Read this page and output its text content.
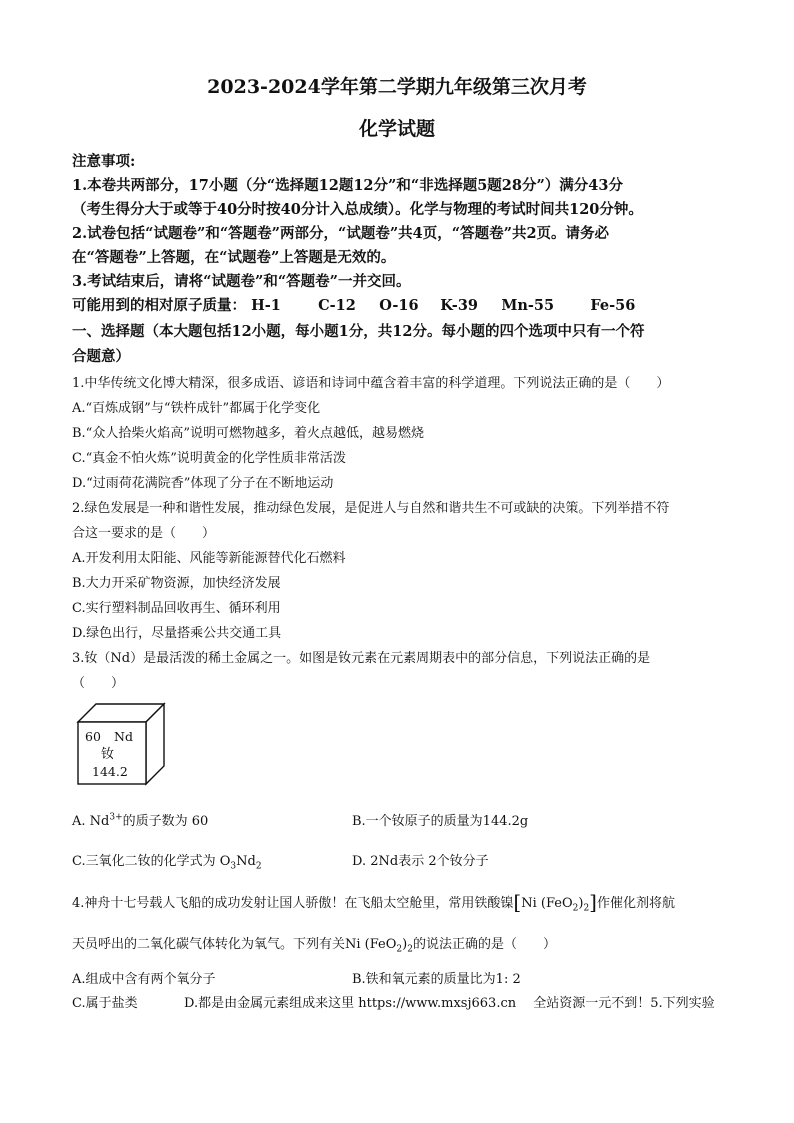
2023-2024学年第二学期九年级第三次月考
化学试题
注意事项:
1.本卷共两部分，17小题（分“选择题12题12分”和“非选择题5题28分”）满分43分
（考生得分大于或等于40分时按40分计入总成绩）。化学与物理的考试时间共120分钟。
2.试卷包括“试题卷”和“答题卷”两部分，“试题卷”共4页，“答题卷”共2页。请务必
在“答题卷”上答题，在“试题卷”上答题是无效的。
3.考试结束后，请将“试题卷”和“答题卷”一并交回。
可能用到的相对原子质量： H-1	C-12 O-16 K-39 Mn-55	Fe-56
一、选择题（本大题包括12小题，每小题1分，共12分。每小题的四个选项中只有一个符
合题意）
1.中华传统文化博大精深，很多成语、谚语和诗词中蕴含着丰富的科学道理。下列说法正确的是（　　）
A.“百炼成钢”与“铁杵成针”都属于化学变化
B.“众人拾柴火焰高”说明可燃物越多，着火点越低，越易燃烧
C.“真金不怕火炼”说明黄金的化学性质非常活泼
D.“过雨荷花满院香”体现了分子在不断地运动
2.绿色发展是一种和谐性发展，推动绿色发展，是促进人与自然和谐共生不可或缺的决策。下列举措不符
合这一要求的是（　　）
A.开发利用太阳能、风能等新能源替代化石燃料
B.大力开采矿物资源，加快经济发展
C.实行塑料制品回收再生、循环利用
D.绿色出行，尽量搭乘公共交通工具
3.钕（Nd）是最活泼的稀土金属之一。如图是钕元素在元素周期表中的部分信息，下列说法正确的是
（　　）
60 Nd
钕
144.2
A. $Nd^{3+}$的质子数为 60	B.一个钕原子的质量为144.2g
C.三氧化二钕的化学式为 $O_3Nd_2$	D. 2Nd表示 2个钕分子
4.神舟十七号载人飞船的成功发射让国人骄傲！在飞船太空舱里，常用铁酸镍[Ni $(FeO_2)_2$]作催化剂将航
天员呼出的二氧化碳气体转化为氧气。下列有关Ni $(FeO_2)_2$的说法正确的是（　　）
A.组成中含有两个氧分子	B.铁和氧元素的质量比为1: 2
C.属于盐类	D.都是由金属元素组成来这里 https://www.mxsj663.cn　 全站资源一元不到！5.下列实验
